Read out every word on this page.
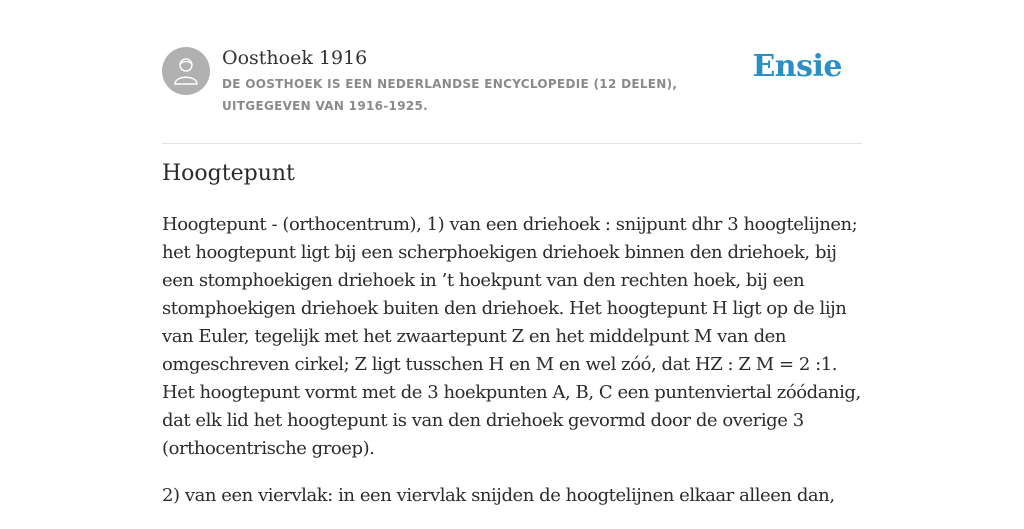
Oosthoek 1916
DE OOSTHOEK IS EEN NEDERLANDSE ENCYCLOPEDIE (12 DELEN), UITGEGEVEN VAN 1916-1925.
Ensie
Hoogtepunt

Hoogtepunt - (orthocentrum), 1) van een driehoek : snijpunt dhr 3 hoogtelijnen; het hoogtepunt ligt bij een scherphoekigen driehoek binnen den driehoek, bij een stomphoekigen driehoek in ’t hoekpunt van den rechten hoek, bij een stomphoekigen driehoek buiten den driehoek. Het hoogtepunt H ligt op de lijn van Euler, tegelijk met het zwaartepunt Z en het middelpunt M van den omgeschreven cirkel; Z ligt tusschen H en M en wel zóó, dat HZ : Z M = 2 :1. Het hoogtepunt vormt met de 3 hoekpunten A, B, C een puntenviertal zóódanig, dat elk lid het hoogtepunt is van den driehoek gevormd door de overige 3 (orthocentrische groep).

2) van een viervlak: in een viervlak snijden de hoogtelijnen elkaar alleen dan,
